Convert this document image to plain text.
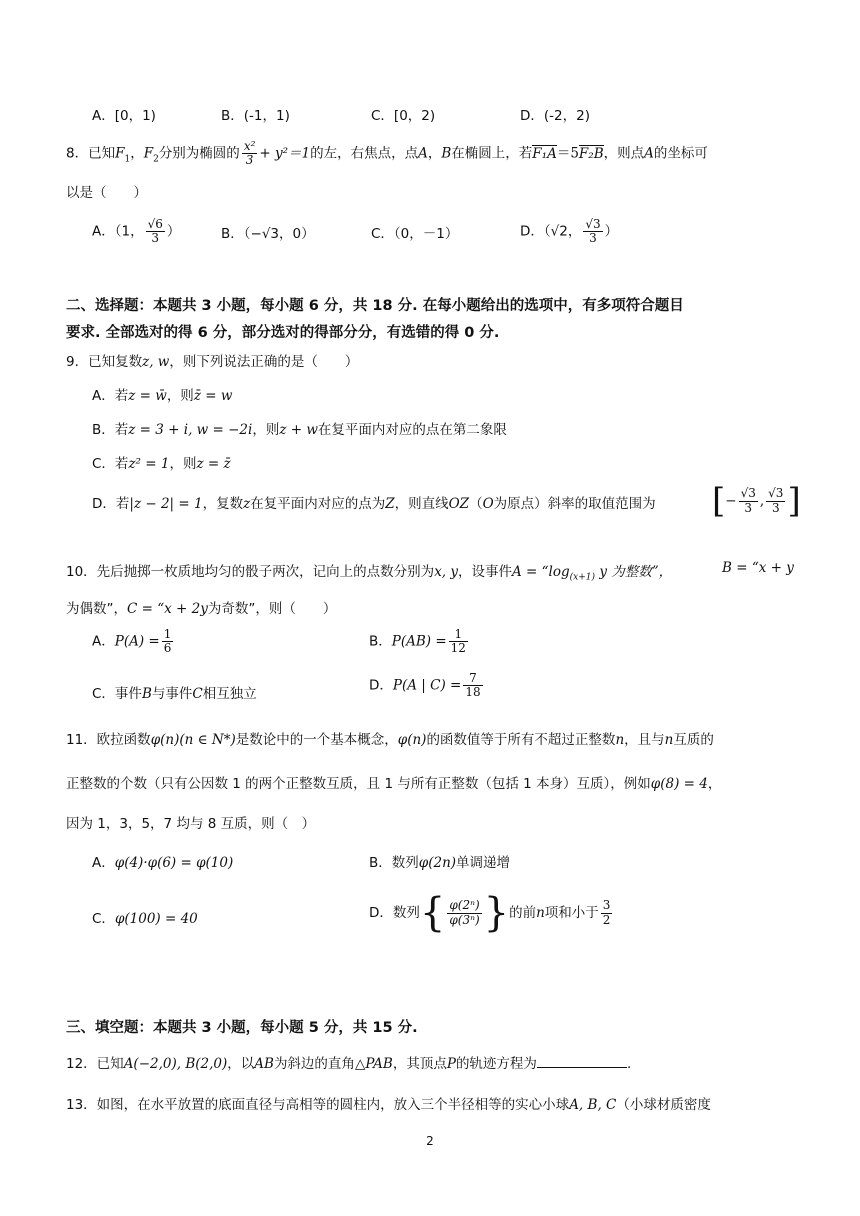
A．[0，1)	B．(-1，1)	C．[0，2)	D．(-2，2)
8．已知$F_1$，$F_2$分别为椭圆的 $\frac{\text{x²}}{3} + y^2=1$的左，右焦点，点A，B在椭圆上，若F₁A＝5F₂B，则点A的坐标可
以是（　　）
A．（1， $\frac{√6}{3}$ ）	B．（−√3，0）	C．（0，－1）	D．（√2， $\frac{√3}{3}$ ）
二、选择题：本题共 3 小题，每小题 6 分，共 18 分. 在每小题给出的选项中，有多项符合题目
要求. 全部选对的得 6 分，部分选对的得部分分，有选错的得 0 分.
9．已知复数z, w，则下列说法正确的是（　　）
A．若z = w̄，则z̄ = w
B．若z = 3 + i, w = −2i，则z + w在复平面内对应的点在第二象限
C．若z² = 1，则z = z̄
D．若|z − 2| = 1，复数z在复平面内对应的点为Z，则直线OZ（O为原点）斜率的取值范围为 [ − $\frac{√3}{3}$ , $\frac{√3}{3}$ ]
10．先后抛掷一枚质地均匀的骰子两次，记向上的点数分别为x, y，设事件$A = “\log_{(x+1)}$ y 为整数”，	B = “x + y
为偶数”，C = “x + 2y为奇数”，则（　　）
A．$P(A) = \frac{1}{6}$	B．$P(AB) = \frac{1}{12}$
C．事件B与事件C相互独立
D．P(A | $C) = \frac{7}{18}$
11．欧拉函数φ(n)(n ∈ N*)是数论中的一个基本概念，φ(n)的函数值等于所有不超过正整数n，且与n互质的
正整数的个数（只有公因数 1 的两个正整数互质，且 1 与所有正整数（包括 1 本身）互质），例如φ(8) = 4，
因为 1，3，5，7 均与 8 互质，则（　）
A．φ(4)·φ(6) = φ(10)	B．数列φ(2n)单调递增
C．φ(100) = 40	D．数列 { $\frac{\text{φ(2ⁿ)}}{\text{φ(3ⁿ)}}$ } 的前n项和小于 $\frac{3}{2}$
三、填空题：本题共 3 小题，每小题 5 分，共 15 分.
12．已知A(−2,0), B(2,0)，以AB为斜边的直角△PAB，其顶点P的轨迹方程为	.
13．如图，在水平放置的底面直径与高相等的圆柱内，放入三个半径相等的实心小球A, B, C（小球材质密度
2
